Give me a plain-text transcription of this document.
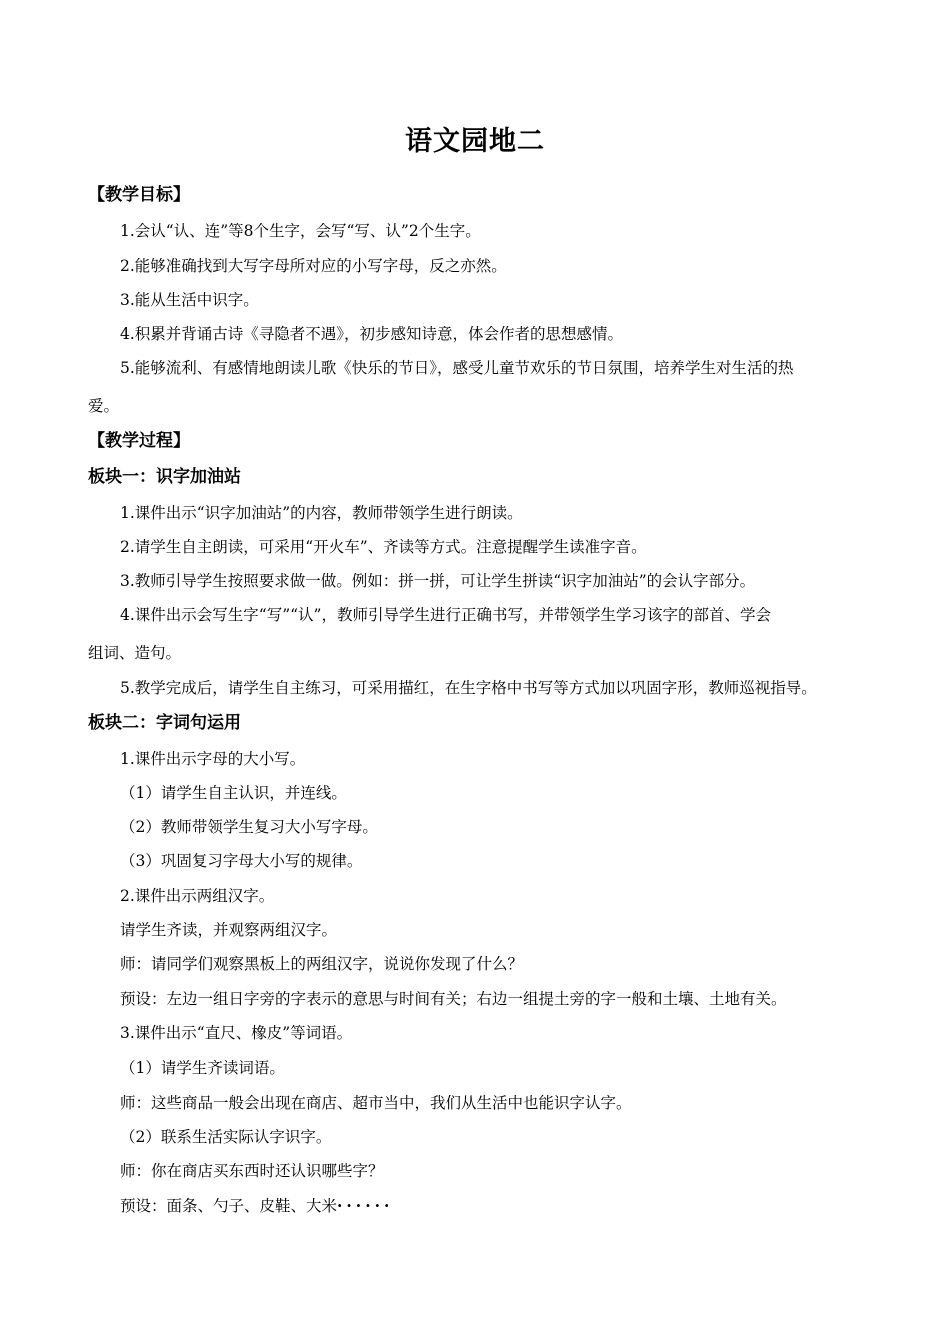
语文园地二
【教学目标】
1.会认“认、连”等8个生字，会写“写、认”2个生字。
2.能够准确找到大写字母所对应的小写字母，反之亦然。
3.能从生活中识字。
4.积累并背诵古诗《寻隐者不遇》，初步感知诗意，体会作者的思想感情。
5.能够流利、有感情地朗读儿歌《快乐的节日》，感受儿童节欢乐的节日氛围，培养学生对生活的热
爱。
【教学过程】
板块一：识字加油站
1.课件出示“识字加油站”的内容，教师带领学生进行朗读。
2.请学生自主朗读，可采用“开火车”、齐读等方式。注意提醒学生读准字音。
3.教师引导学生按照要求做一做。例如：拼一拼，可让学生拼读“识字加油站”的会认字部分。
4.课件出示会写生字“写”“认”，教师引导学生进行正确书写，并带领学生学习该字的部首、学会
组词、造句。
5.教学完成后，请学生自主练习，可采用描红，在生字格中书写等方式加以巩固字形，教师巡视指导。
板块二：字词句运用
1.课件出示字母的大小写。
（1）请学生自主认识，并连线。
（2）教师带领学生复习大小写字母。
（3）巩固复习字母大小写的规律。
2.课件出示两组汉字。
请学生齐读，并观察两组汉字。
师：请同学们观察黑板上的两组汉字，说说你发现了什么？
预设：左边一组日字旁的字表示的意思与时间有关；右边一组提土旁的字一般和土壤、土地有关。
3.课件出示“直尺、橡皮”等词语。
（1）请学生齐读词语。
师：这些商品一般会出现在商店、超市当中，我们从生活中也能识字认字。
（2）联系生活实际认字识字。
师：你在商店买东西时还认识哪些字？
预设：面条、勺子、皮鞋、大米······
